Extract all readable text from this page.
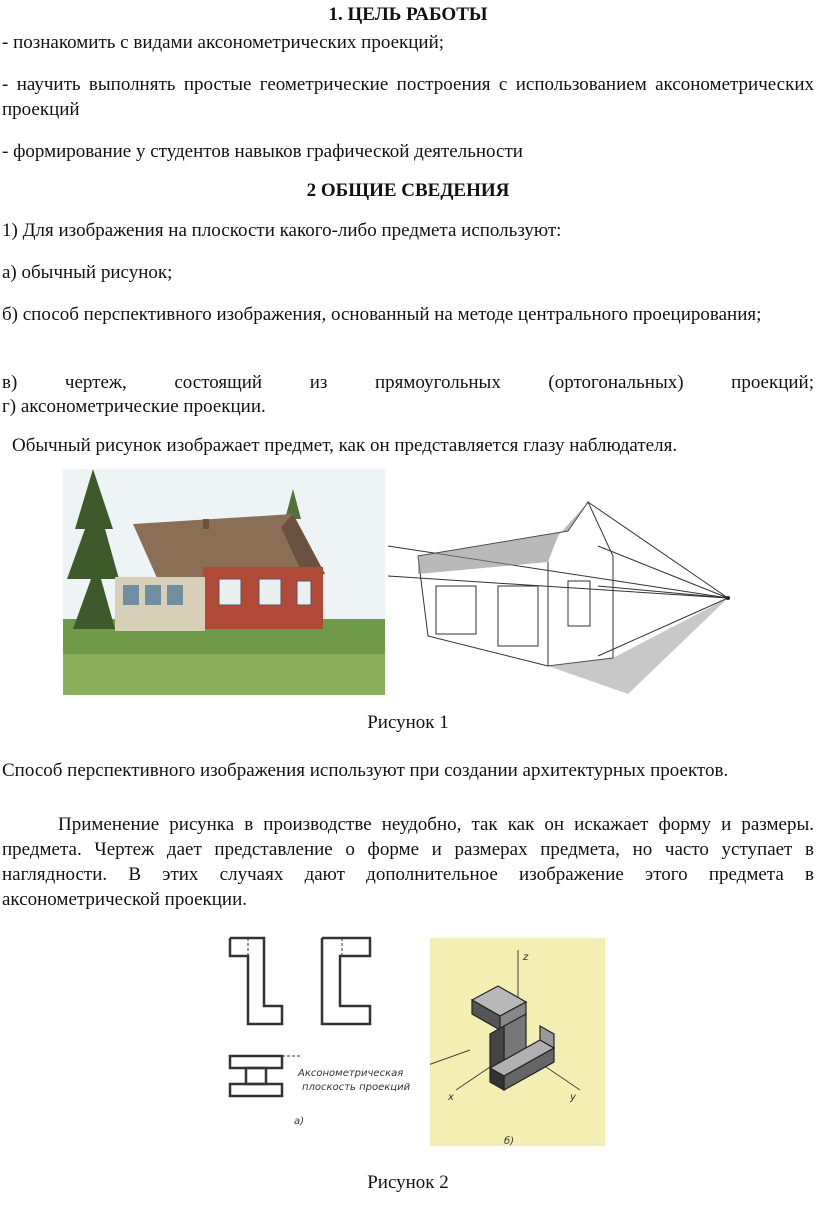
1. ЦЕЛЬ РАБОТЫ
- познакомить с видами аксонометрических проекций;
- научить выполнять простые геометрические построения с использованием аксонометрических проекций
- формирование у студентов навыков графической деятельности
2 ОБЩИЕ СВЕДЕНИЯ
1) Для изображения на плоскости какого-либо предмета используют:
а) обычный рисунок;
б) способ перспективного изображения, основанный на методе центрального проецирования;
в) чертеж, состоящий из прямоугольных (ортогональных) проекций;
г) аксонометрические проекции.
Обычный рисунок изображает предмет, как он представляется глазу наблюдателя.
Рисунок 1
Способ перспективного изображения используют при создании архитектурных проектов.
Применение рисунка в производстве неудобно, так как он искажает форму и размеры. предмета. Чертеж дает представление о форме и размерах предмета, но часто уступает в наглядности. В этих случаях дают дополнительное изображение этого предмета в аксонометрической проекции.
Аксонометрическая
плоскость проекций
а)
z
x	y
б)
Рисунок 2
